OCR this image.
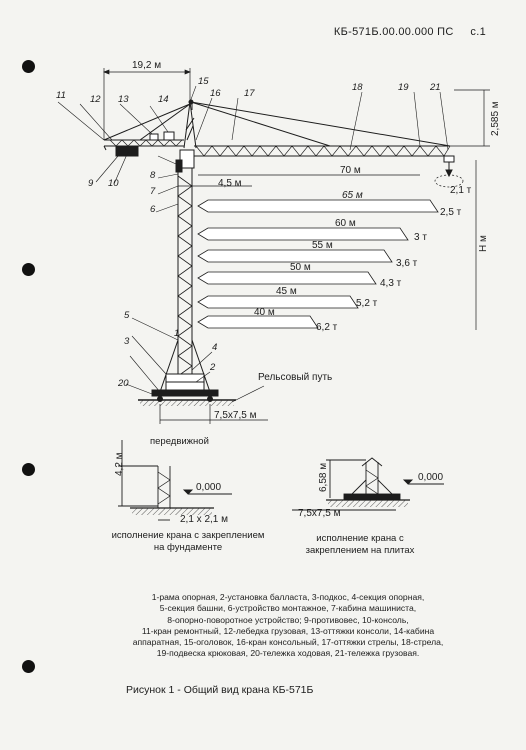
КБ-571Б.00.00.000 ПС с.1
19,2 м
2,585 м
Н м
4,5 м
7,5х7,5 м
70 м
2,1 т
65 м
2,5 т
60 м
3 т
55 м
3,6 т
50 м
4,3 т
45 м
5,2 т
40 м
6,2 т
1
2
3
4
5
6
7
8
9 10
11	12 13	14
15
16 17
18	19
20
21
Рельсовый путь
передвижной
4,2 м
0,000
2,1 х 2,1 м
6,58 м	0,000
7,5х7,5 м
исполнение крана с закреплением на фундаменте
исполнение крана с закреплением на плитах
1-рама опорная, 2-установка балласта, 3-подкос, 4-секция опорная,
5-секция башни, 6-устройство монтажное, 7-кабина машиниста,
8-опорно-поворотное устройство; 9-противовес, 10-консоль,
11-кран ремонтный, 12-лебедка грузовая, 13-оттяжки консоли, 14-кабина
аппаратная, 15-оголовок, 16-кран консольный, 17-оттяжки стрелы, 18-стрела,
19-подвеска крюковая, 20-тележка ходовая, 21-тележка грузовая.
Рисунок 1 - Общий вид крана КБ-571Б
